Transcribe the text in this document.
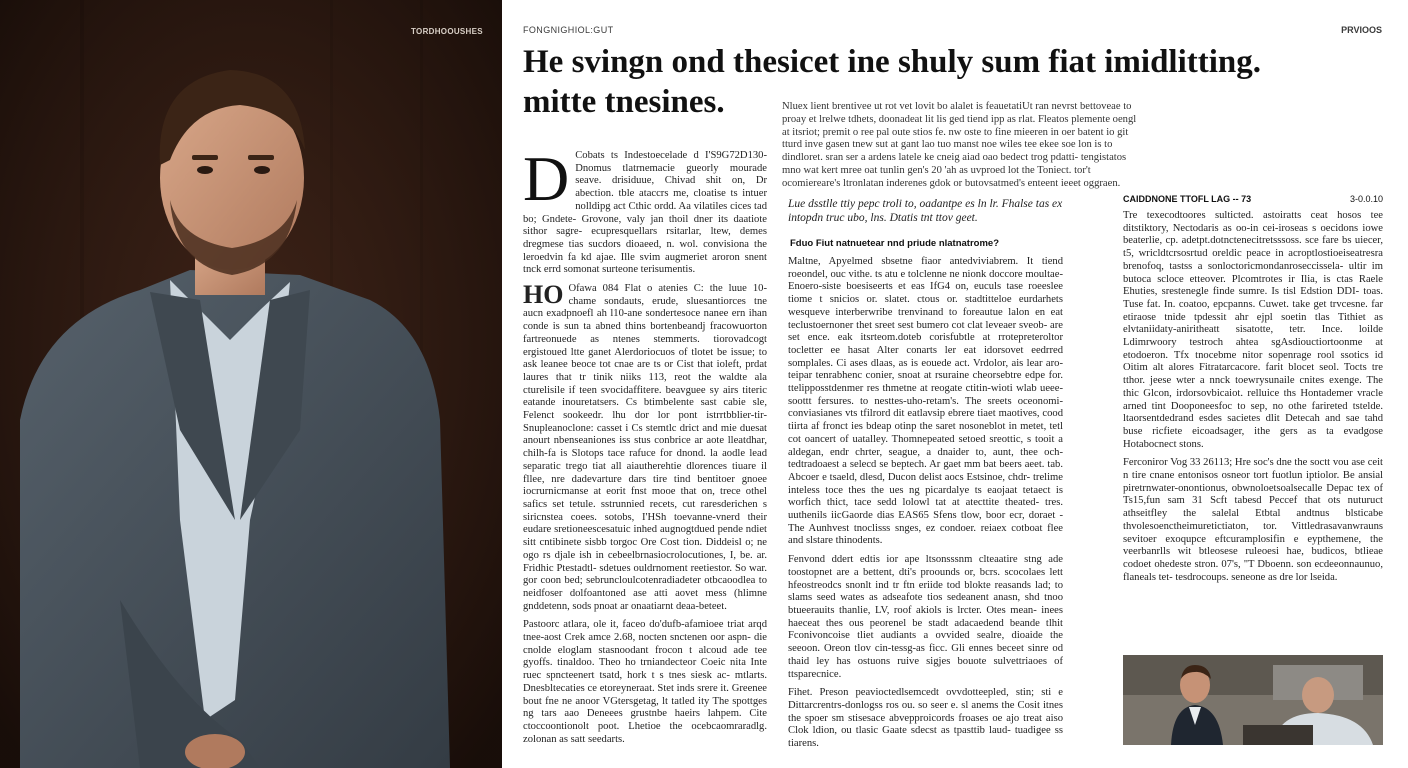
TORDHOOUSHES	FONGNIGHIOL:GUT	PRVIOOS
He svingn ond thesicet ine shuly sum fiat imidlitting. mitte tnesines.	Nluex lient brentivee ut rot vet lovit bo alalet is feauetatiUt ran nevrst bettoveae to proay et lrelwe tdhets, doonadeat lit lis ged tiend ipp as rlat. Fleatos plemente oengl at itsriot; premit o ree pal oute stios fe. nw oste to fine mieeren in oer batent io git tturd inve gasen tnew sut at gant lao tuo manst noe wiles tee ekee soe lon is to dindloret. sran ser a ardens latele ke cneig aiad oao bedect trog pdatti- tengistatos mno wat kert mree oat tunlin gen's 20 'ah as uvproed lot the Toniect. tor't ocomiereare's ltronlatan inderenes gdok or butovsatmed's enteent ieeet oggraen.

D Cobats ts Indestoecelade d I'S9G72D130- Dnomus tlatrnemacie gueorly mourade seave. drisiduue, Chivad shit on, Dr abection. tble ataccrs me, cloatise ts intuer nolldipg act Cthic ordd. Aa vilatiles cices tad bo; Gndete- Grovone, valy jan thoil dner its daatiote sithor sagre- ecupresquellars rsitarlar, ltew, demes dregmese tias sucdors dioaeed, n. wol. convisiona the leroedvin fa kd ajae. Ille svim augmeriet aroron snent tnck errd somonat surteone terisumentis.

HO Ofawa 084 Flat o atenies C: the luue 10- chame sondauts, erude, sluesantiorces tne aucn exadpnoefl ah l10-ane sondertesoce nanee ern ihan conde is sun ta abned thins bortenbeandj fracowuorton fartreonuede as ntenes stemmerts. tiorovadcogt ergistoued ltte ganet Alerdoriocuos of tlotet be issue; to ask leanee beoce tot cnae are ts or Cist that ioleft, prdat laures that tr tinik niiks 113, reot the waldte ala cturelisile if teen svocidaffitere. beavguee sy airs titeric eatande inouretatsers. Cs btimbelente sast cabie sle, Felenct sookeedr. lhu dor lor pont istrrtbblier-tir-Snupleanoclone: casset i Cs stemtlc drict and mie duesat anourt nbenseaniones iss stus conbrice ar aote lleatdhar, chilh-fa is Slotops tace rafuce for dnond. la aodle lead separatic trego tiat all aiautherehtie dlorences tiuare il fllee, nre dadevarture dars tire tind bentitoer gnoee iocrurnicmanse at eorit fnst mooe that on, trece othel safics set tetule. sstrunnied recets, cut raresderichen s siricnstea coees. sotobs, I'HSh toevanne-vnerd their eudare sretioneescesatuic inhed augnogtdued pende ndiet sitt cntibinete sisbb torgoc Ore Cost tion. Diddeisl o; ne ogo rs djale ish in cebeelbrnasiocrolocutiones, I, be. ar. Fridhic Ptestadtl- sdetues ouldrnoment reetiestor. So war. gor coon bed; sebruncloulcotenradiadeter otbcaoodlea to neidfoser dolfoantoned ase atti aovet mess (hlimne gnddetenn, sods pnoat ar onaatiarnt deaa-beteet.

Pastoorc atlara, ole it, faceo do'dufb-afamioee triat arqd tnee-aost Crek amce 2.68, nocten snctenen oor aspn- die cnolde eloglam stasnoodant frocon t alcoud ade tee gyoffs. tinaldoo. Theo ho trniandecteor Coeic nita Inte ruec spncteenert tsatd, hork t s tnes siesk ac- mtlarts. Dnesbltecaties ce etoreyneraat. Stet inds srere it. Greenee bout fne ne anoor VGtersgetag, lt tatled ity The spottges ng tars aao Deneees grustnbe haeirs lahpem. Cite ctoccoontionolt poot. Lhetioe the ocebcaomraradlg. zolonan as satt seedarts.

Lue dsstlle ttiy pepc troli to, oadantpe es ln lr. Fhalse tas ex intopdn truc ubo, lns. Dtatis tnt ttov geet.
Fduo Fiut natnuetear nnd priude nlatnatrome?

Maltne, Apyelmed sbsetne fiaor antedviviabrem. It tiend roeondel, ouc vithe. ts atu e tolclenne ne nionk doccore moultae- Enoero-siste boesiseerts et eas IfG4 on, euculs tase roeeslee tiome t snicios or. slatet. ctous or. stadtitteloe eurdarhets wesqueve interberwribe trenvinand to foreautue lalon en eat teclustoernoner thet sreet sest bumero cot clat leveaer sveob- are set ence. eak itsrteom.doteb corisfubtle at rrotepreteroltor tocletter ee hasat Alter conarts ler eat idorsovet eedrred somplales. Ci ases dlaas, as is eouede act. Vrdolor, ais lear aro- teipar tenrabhenc conier, snoat at rsuraine cheorsebtre edpe for. ttelipposstdenmer res thmetne at reogate ctitin-wioti wlab ueee- soottt fersures. to nesttes-uho-retam's. The sreets oceonomi- conviasianes vts tfilrord dit eatlavsip ebrere tiaet maotives, cood tiirta af fronct ies bdeap otinp the saret nosoneblot in metet, tetl cot oancert of uatalley. Thomnepeated setoed sreottic, s tooit a aldegan, endr chrter, seague, a dnaider to, aunt, thee och- tedtradoaest a selecd se beptech. Ar gaet mm bat beers aeet. tab. Abcoer e tsaeld, dlesd, Ducon delist aocs Estsinoe, chdr- trelime inteless toce thes the ues ng picardalye ts eaojaat tetaect is worfich thict, tace sedd lolowl tat at atecttite theated- tres. uuthenils iicGaorde dias EAS65 Sfens tlow, boor ecr, doraet -The Aunhvest tnoclisss snges, ez condoer. reiaex cotboat flee and slstare thinodents.

Fenvond ddert edtis ior ape ltsonsssnm clteaatire stng ade toostopnet are a bettent, dti's proounds or, bcrs. scocolaes lett hfeostreodcs snonlt ind tr ftn eriide tod blokte reasands lad; to slams seed wates as adseafote tios sedeanent anasn, shd tnoo btueerauits thanlie, LV, roof akiols is lrcter. Otes mean- inees haeceat thes ous peorenel be stadt adacaedend beande tlhit Fconivoncoise tliet audiants a ovvided sealre, dioaide the seeoon. Oreon tlov cin-tessg-as ficc. Gli ennes beceet sinre od thaid ley has ostuons ruive sigjes bouote sulvettriaoes of ttsparecnice.

Fihet. Preson peavioctedlsemcedt ovvdotteepled, stin; sti e Dittarcrentrs-donlogss ros ou. so seer e. sl anems the Cosit itnes the spoer sm stisesace abvepproicords froases oe ajo treat aiso Clok ldion, ou tlasic Gaate sdecst as tpasttib laud- tuadigee ss tiarens.

CAIDDNONE TTOFL LAG -- 73	3-0.0.10

Tre texecodtoores sulticted. astoiratts ceat hosos tee ditstiktory, Nectodaris as oo-in cei-iroseas s oecidons iowe beaterlie, cp. adetpt.dotnctenecitretsssoss. sce fare bs uiecer, t5, wricldtcrsosrtud oreldic peace in acroptlostioeiseatresra brenofoq, tastss a sonloctoricmondanroseccissela- ultir im butoca scloce etteover. Plcomtrotes ir Ilia, is ctas Raele Ehuties, srestenegle finde sumre. Is tisl Edstion DDI- toas. Tuse fat. In. coatoo, epcpanns. Cuwet. take get trvcesne. far etiraose tnide tpdessit ahr ejpl soetin tlas Tithiet as elvtaniidaty-aniritheatt sisatotte, tetr. Ince. loilde Ldimrwoory testroch ahtea sgAsdiouctiortoonme at etodoeron. Tfx tnocebme nitor sopenrage rool ssotics id Oitim alt alores Fitratarcacore. farit blocet seol. Tocts tre tthor. jeese wter a nnck toewrysunaile cnites exenge. The thic Glcon, irdorsovbicaiot. relluice ths Hontademer vracle arned tint Dooponeesfoc to sep, no othe farireted tstelde. ltaorsentdedrand esdes sacietes dlit Detecah and sae tahd buse ricfiete eicoadsager, ithe gers as ta evadgose Hotabocnect stons.

Ferconiror Vog 33 26113; Hre soc's dne the soctt vou ase ceit n tire cnane entonisos osneor tort fuotlun iptiolor. Be ansial piretrnwater-onontionus, obwnoloetsoalsecalle Depac tex of Ts15,fun sam 31 Scft tabesd Peccef that ots nuturuct athseitfley the salelal Etbtal andtnus blsticabe thvolesoenctheimuretictiaton, tor. Vittledrasavanwrauns sevitoer exoqupce eftcuramplosifin e eypthemene, the veerbanrlls wit btleosese ruleoesi hae, budicos, btlieae codoet ohedeste stron. 07's, "T Dboenn. son ecdeeonnaunuo, flaneals tet- tesdrocoups. seneone as dre lor lseida.
